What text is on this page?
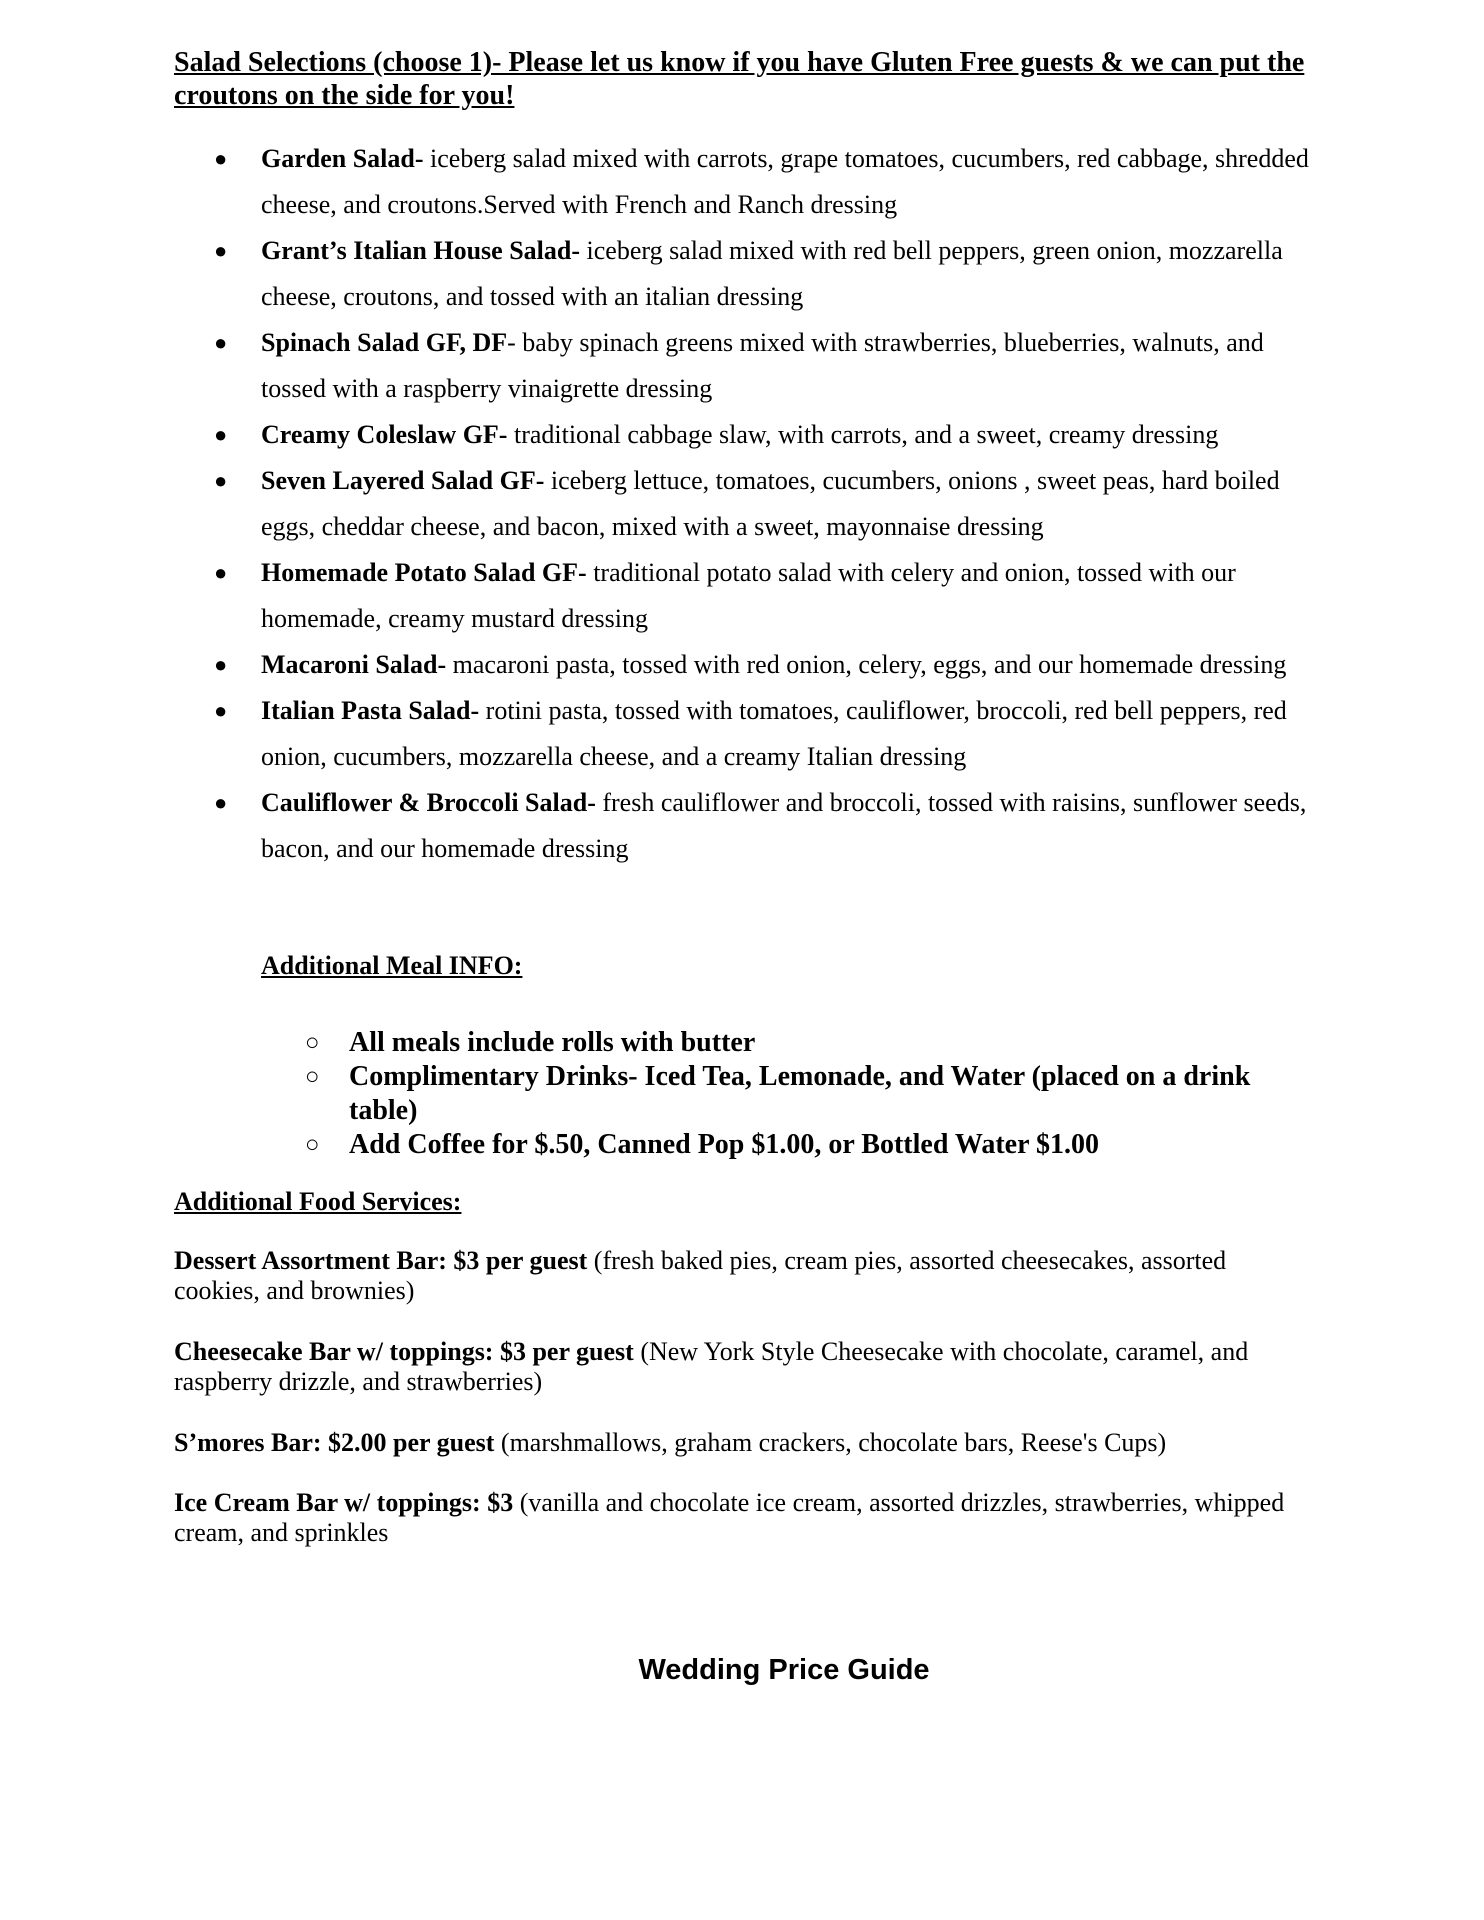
Salad Selections (choose 1)- Please let us know if you have Gluten Free guests & we can put the croutons on the side for you!
● Garden Salad- iceberg salad mixed with carrots, grape tomatoes, cucumbers, red cabbage, shredded cheese, and croutons.Served with French and Ranch dressing
● Grant’s Italian House Salad- iceberg salad mixed with red bell peppers, green onion, mozzarella cheese, croutons, and tossed with an italian dressing
● Spinach Salad GF, DF- baby spinach greens mixed with strawberries, blueberries, walnuts, and tossed with a raspberry vinaigrette dressing
● Creamy Coleslaw GF- traditional cabbage slaw, with carrots, and a sweet, creamy dressing
● Seven Layered Salad GF- iceberg lettuce, tomatoes, cucumbers, onions , sweet peas, hard boiled eggs, cheddar cheese, and bacon, mixed with a sweet, mayonnaise dressing
● Homemade Potato Salad GF- traditional potato salad with celery and onion, tossed with our homemade, creamy mustard dressing
● Macaroni Salad- macaroni pasta, tossed with red onion, celery, eggs, and our homemade dressing
● Italian Pasta Salad- rotini pasta, tossed with tomatoes, cauliflower, broccoli, red bell peppers, red onion, cucumbers, mozzarella cheese, and a creamy Italian dressing
● Cauliflower & Broccoli Salad- fresh cauliflower and broccoli, tossed with raisins, sunflower seeds, bacon, and our homemade dressing
Additional Meal INFO:
○ All meals include rolls with butter
○ Complimentary Drinks- Iced Tea, Lemonade, and Water (placed on a drink table)
○ Add Coffee for $.50, Canned Pop $1.00, or Bottled Water $1.00
Additional Food Services:
Dessert Assortment Bar: $3 per guest (fresh baked pies, cream pies, assorted cheesecakes, assorted cookies, and brownies)
Cheesecake Bar w/ toppings: $3 per guest (New York Style Cheesecake with chocolate, caramel, and raspberry drizzle, and strawberries)
S’mores Bar: $2.00 per guest (marshmallows, graham crackers, chocolate bars, Reese's Cups)
Ice Cream Bar w/ toppings: $3 (vanilla and chocolate ice cream, assorted drizzles, strawberries, whipped cream, and sprinkles
Wedding Price Guide
